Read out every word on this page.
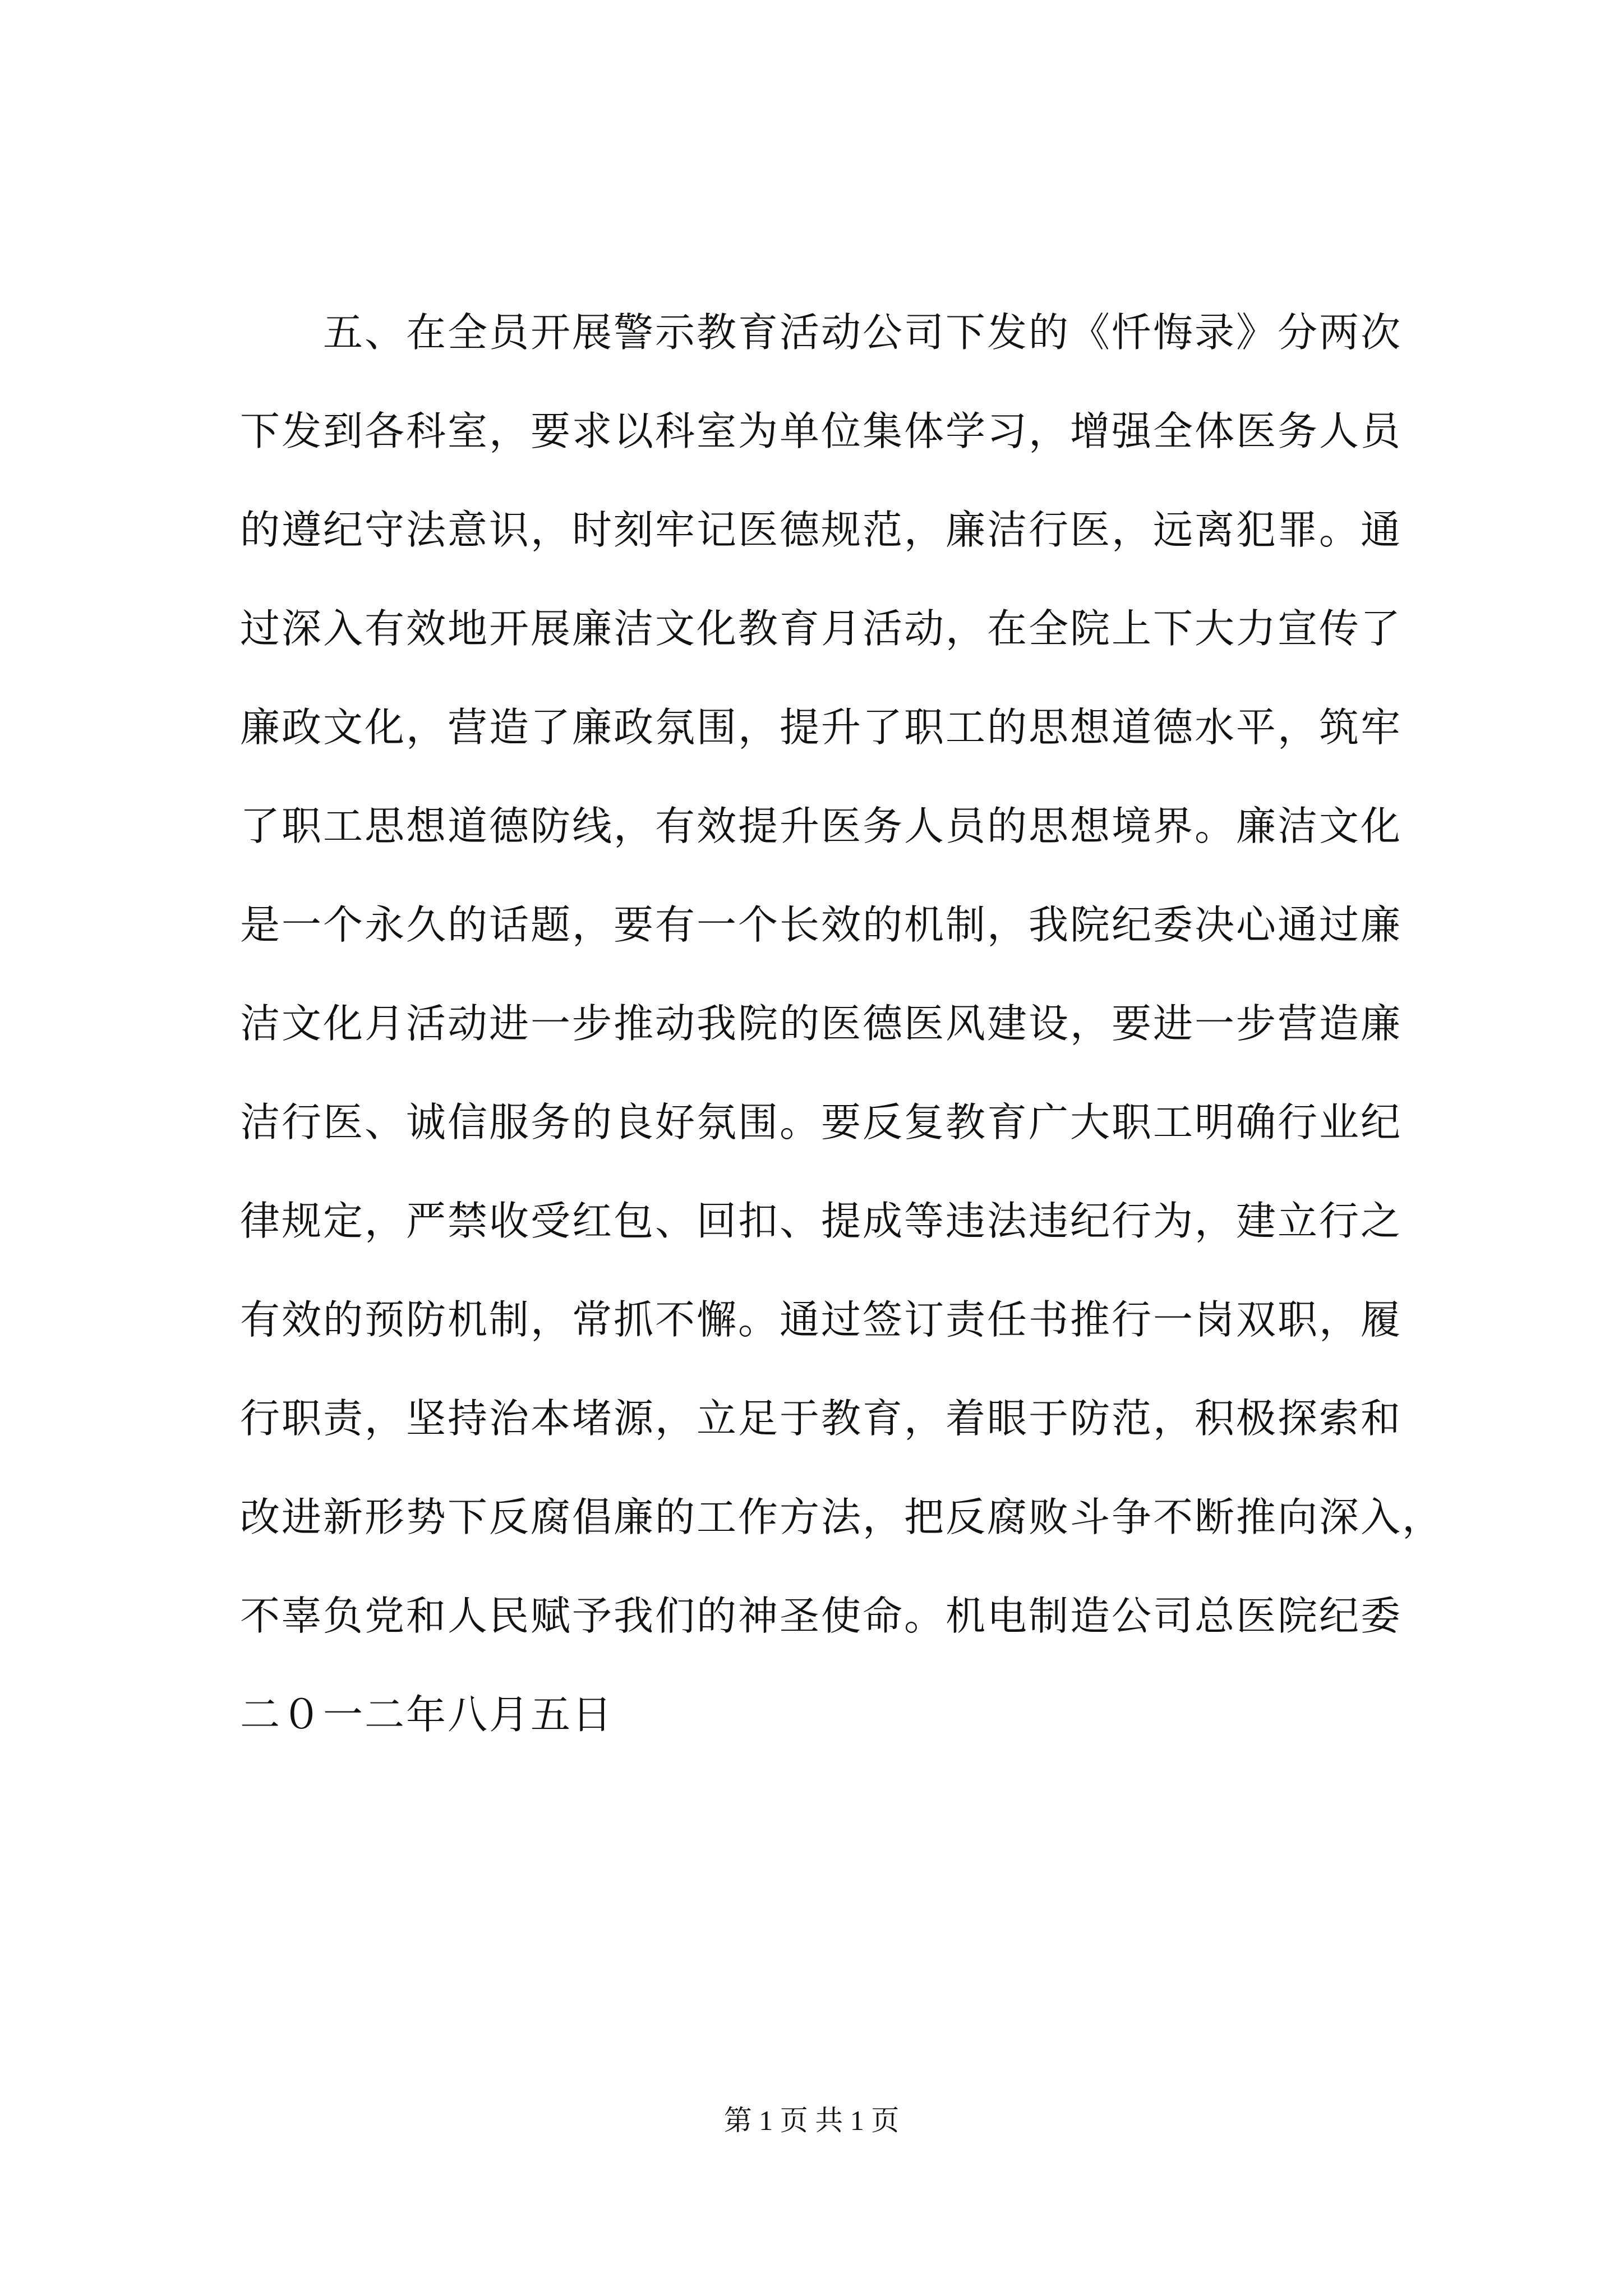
五、在全员开展警示教育活动公司下发的《忏悔录》分两次
下发到各科室，要求以科室为单位集体学习，增强全体医务人员
的遵纪守法意识，时刻牢记医德规范，廉洁行医，远离犯罪。通
过深入有效地开展廉洁文化教育月活动，在全院上下大力宣传了
廉政文化，营造了廉政氛围，提升了职工的思想道德水平，筑牢
了职工思想道德防线，有效提升医务人员的思想境界。廉洁文化
是一个永久的话题，要有一个长效的机制，我院纪委决心通过廉
洁文化月活动进一步推动我院的医德医风建设，要进一步营造廉
洁行医、诚信服务的良好氛围。要反复教育广大职工明确行业纪
律规定，严禁收受红包、回扣、提成等违法违纪行为，建立行之
有效的预防机制，常抓不懈。通过签订责任书推行一岗双职，履
行职责，坚持治本堵源，立足于教育，着眼于防范，积极探索和
改进新形势下反腐倡廉的工作方法，把反腐败斗争不断推向深入，
不辜负党和人民赋予我们的神圣使命。机电制造公司总医院纪委
二０一二年八月五日
第 1 页 共 1 页
